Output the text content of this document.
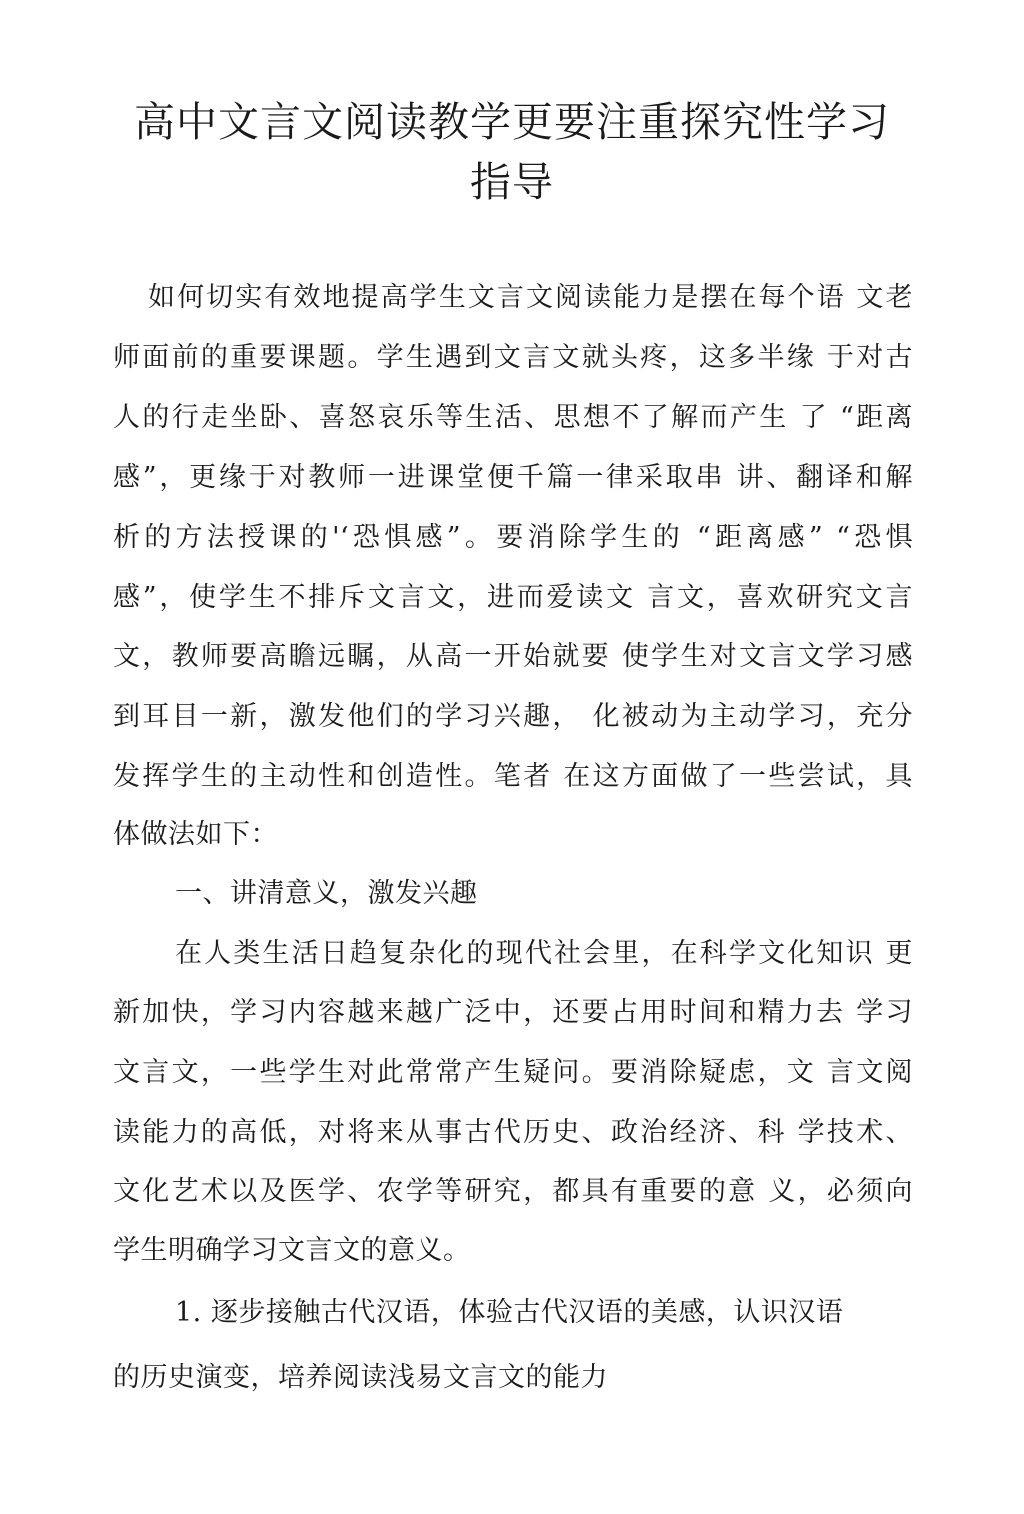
高中文言文阅读教学更要注重探究性学习
指导
如何切实有效地提高学生文言文阅读能力是摆在每个语 文老
师面前的重要课题。学生遇到文言文就头疼，这多半缘 于对古
人的行走坐卧、喜怒哀乐等生活、思想不了解而产生 了 “距离
感”，更缘于对教师一进课堂便千篇一律采取串 讲、翻译和解
析的方法授课的'‘恐惧感”。要消除学生的 “距离感” “恐惧
感”，使学生不排斥文言文，进而爱读文 言文，喜欢研究文言
文，教师要高瞻远瞩，从高一开始就要 使学生对文言文学习感
到耳目一新，激发他们的学习兴趣， 化被动为主动学习，充分
发挥学生的主动性和创造性。笔者 在这方面做了一些尝试，具
体做法如下：
一、讲清意义，激发兴趣
在人类生活日趋复杂化的现代社会里，在科学文化知识 更
新加快，学习内容越来越广泛中，还要占用时间和精力去 学习
文言文，一些学生对此常常产生疑问。要消除疑虑，文 言文阅
读能力的高低，对将来从事古代历史、政治经济、科 学技术、
文化艺术以及医学、农学等研究，都具有重要的意 义，必须向
学生明确学习文言文的意义。
1. 逐步接触古代汉语，体验古代汉语的美感，认识汉语
的历史演变，培养阅读浅易文言文的能力
